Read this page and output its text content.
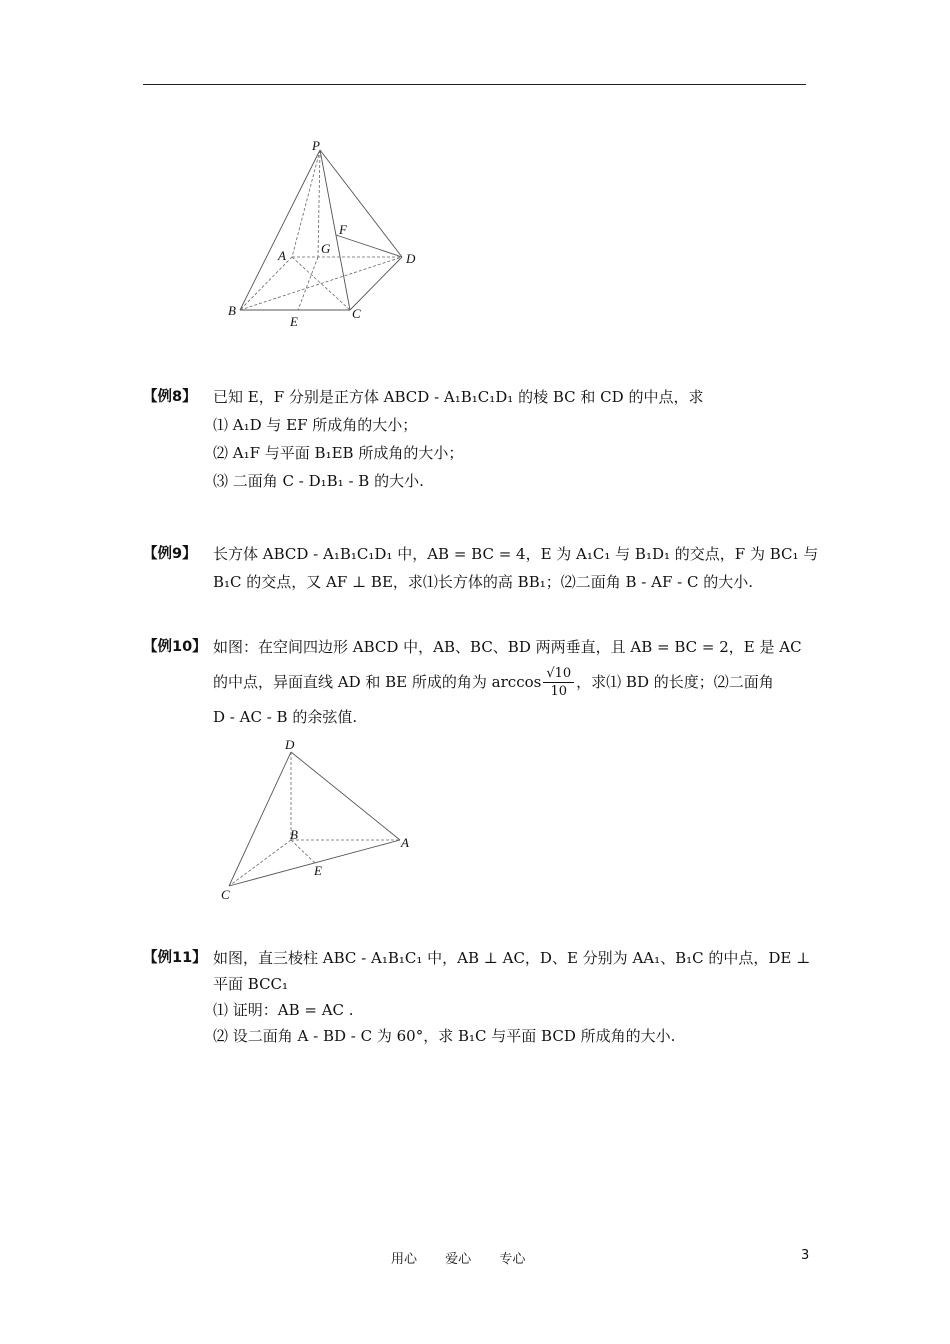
P
F
A	G
D
B
E
C
【例8】 已知 E，F 分别是正方体 ABCD - A₁B₁C₁D₁ 的棱 BC 和 CD 的中点，求
⑴ A₁D 与 EF 所成角的大小；
⑵ A₁F 与平面 B₁EB 所成角的大小；
⑶ 二面角 C - D₁B₁ - B 的大小.
【例9】 长方体 ABCD - A₁B₁C₁D₁ 中，AB = BC = 4，E 为 A₁C₁ 与 B₁D₁ 的交点，F 为 BC₁ 与
B₁C 的交点，又 AF ⊥ BE，求⑴长方体的高 BB₁；⑵二面角 B - AF - C 的大小.
【例10】 如图：在空间四边形 ABCD 中，AB、BC、BD 两两垂直，且 AB = BC = 2，E 是 AC
的中点，异面直线 AD 和 BE 所成的角为 $\arccos \frac{√10}{10}$ ，求⑴ BD 的长度；⑵二面角
D - AC - B 的余弦值.
D
B
A
E
C
【例11】 如图，直三棱柱 ABC - A₁B₁C₁ 中，AB ⊥ AC，D、E 分别为 AA₁、B₁C 的中点，DE ⊥
平面 BCC₁
⑴ 证明：AB = AC .
⑵ 设二面角 A - BD - C 为 60°，求 B₁C 与平面 BCD 所成角的大小.
用心 爱心 专心	3
